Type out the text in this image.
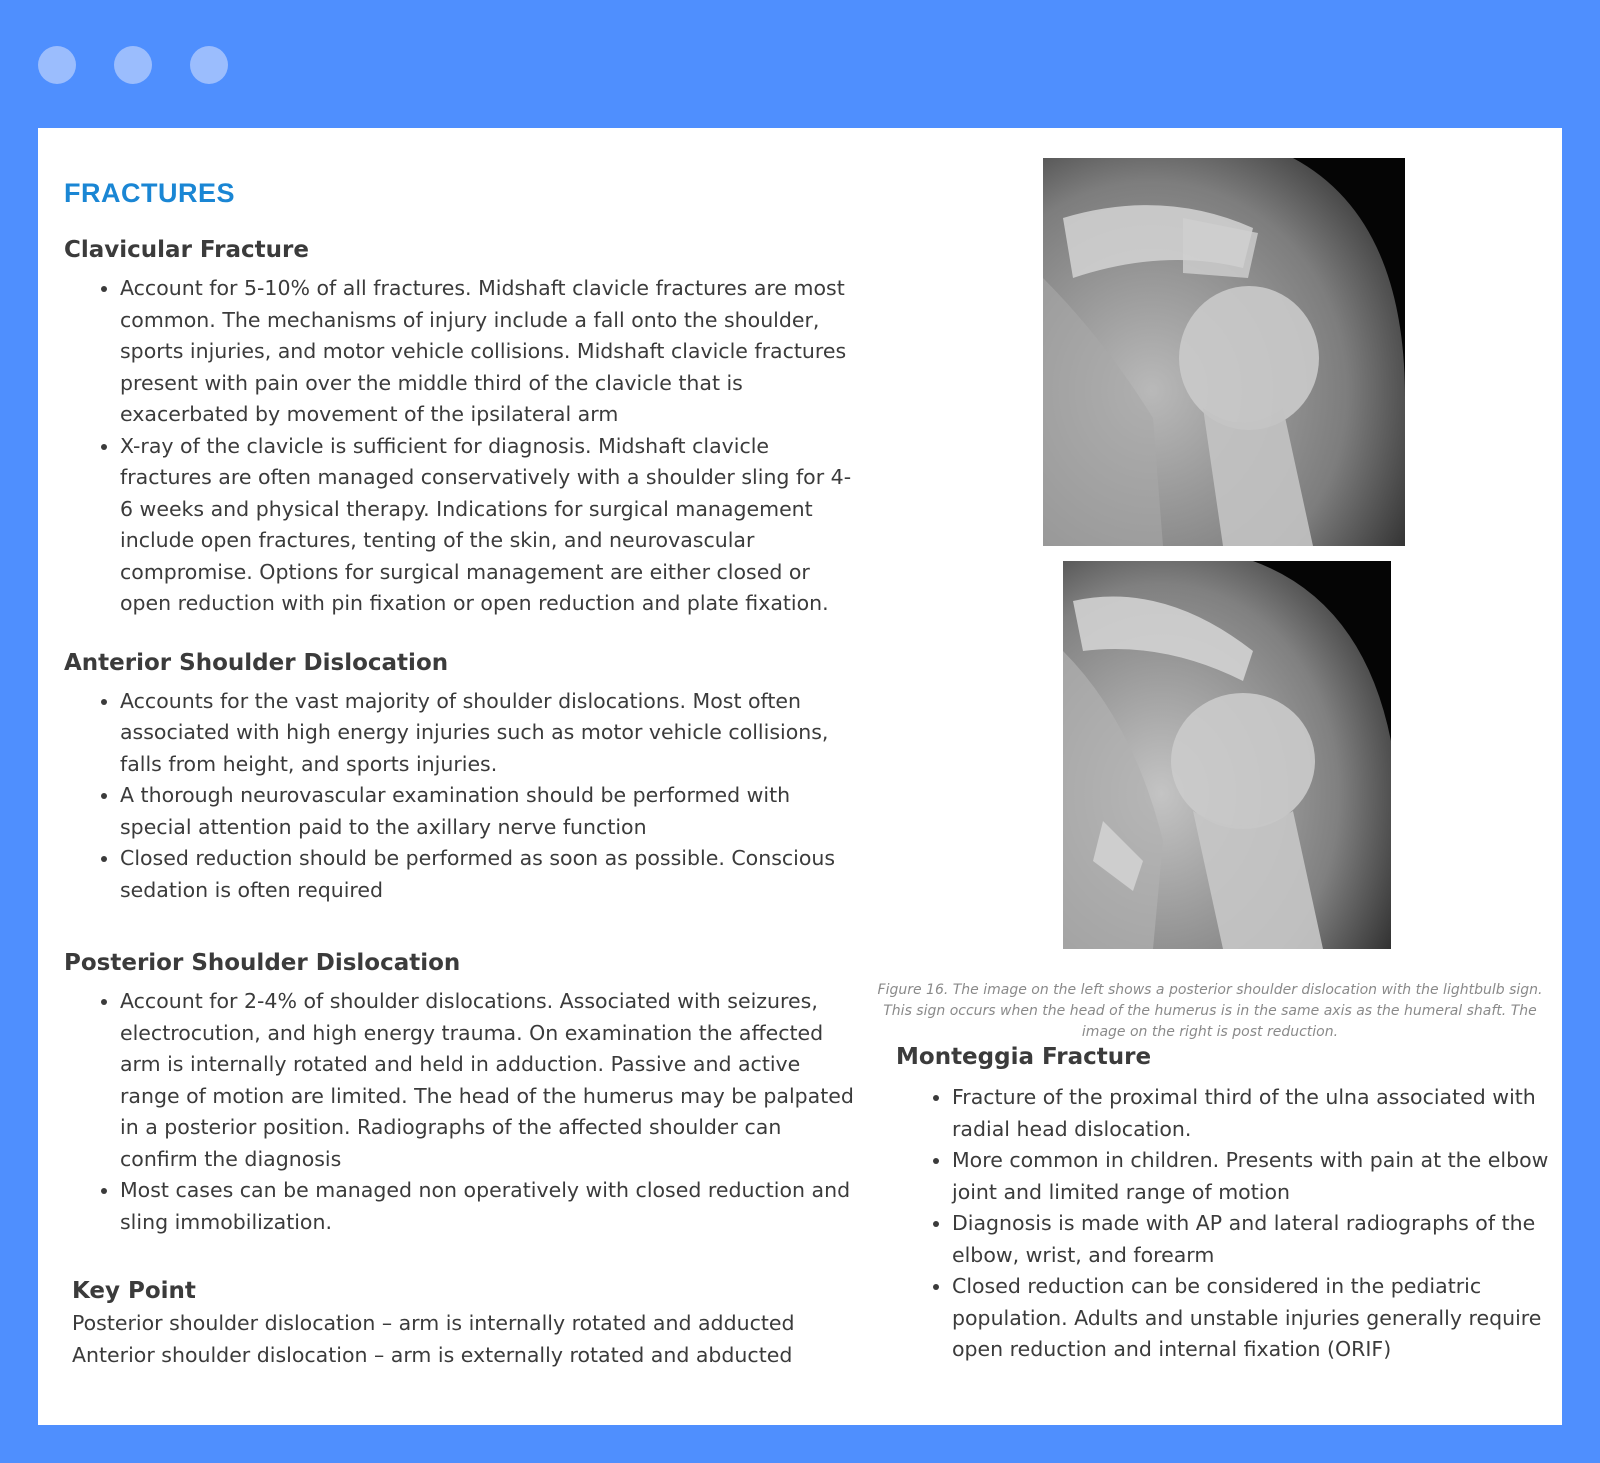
FRACTURES
Clavicular Fracture
• Account for 5-10% of all fractures. Midshaft clavicle fractures are most common. The mechanisms of injury include a fall onto the shoulder, sports injuries, and motor vehicle collisions. Midshaft clavicle fractures present with pain over the middle third of the clavicle that is exacerbated by movement of the ipsilateral arm
• X-ray of the clavicle is sufficient for diagnosis. Midshaft clavicle fractures are often managed conservatively with a shoulder sling for 4-6 weeks and physical therapy. Indications for surgical management include open fractures, tenting of the skin, and neurovascular compromise. Options for surgical management are either closed or open reduction with pin fixation or open reduction and plate fixation.
Anterior Shoulder Dislocation
• Accounts for the vast majority of shoulder dislocations. Most often associated with high energy injuries such as motor vehicle collisions, falls from height, and sports injuries.
• A thorough neurovascular examination should be performed with special attention paid to the axillary nerve function
• Closed reduction should be performed as soon as possible. Conscious sedation is often required
Posterior Shoulder Dislocation
• Account for 2-4% of shoulder dislocations. Associated with seizures, electrocution, and high energy trauma. On examination the affected arm is internally rotated and held in adduction. Passive and active range of motion are limited. The head of the humerus may be palpated in a posterior position. Radiographs of the affected shoulder can confirm the diagnosis
• Most cases can be managed non operatively with closed reduction and sling immobilization.
Key Point

Posterior shoulder dislocation – arm is internally rotated and adducted

Anterior shoulder dislocation – arm is externally rotated and abducted

Figure 16. The image on the left shows a posterior shoulder dislocation with the lightbulb sign. This sign occurs when the head of the humerus is in the same axis as the humeral shaft. The image on the right is post reduction.
Monteggia Fracture
• Fracture of the proximal third of the ulna associated with radial head dislocation.
• More common in children. Presents with pain at the elbow joint and limited range of motion
• Diagnosis is made with AP and lateral radiographs of the elbow, wrist, and forearm
• Closed reduction can be considered in the pediatric population. Adults and unstable injuries generally require open reduction and internal fixation (ORIF)
